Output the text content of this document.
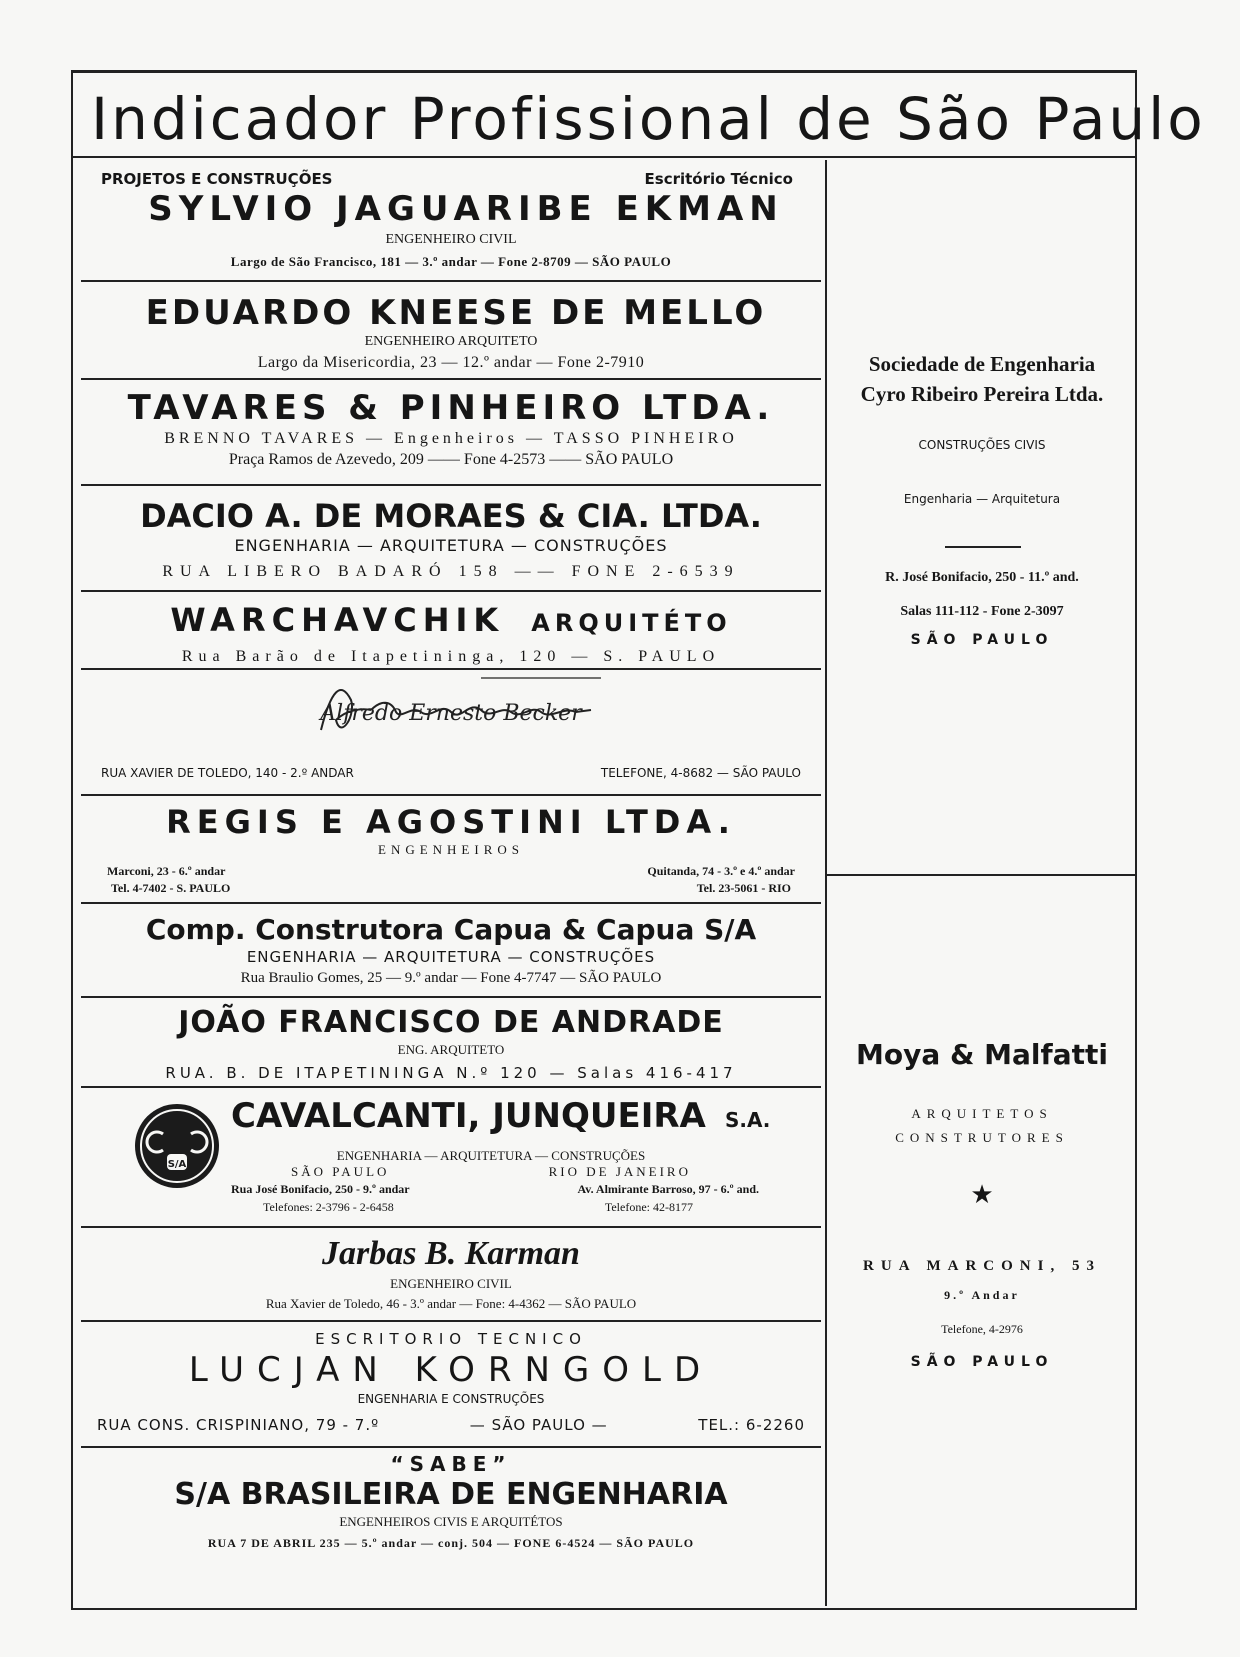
Indicador Profissional de São Paulo
PROJETOS E CONSTRUÇÕES	Escritório Técnico
SYLVIO JAGUARIBE EKMAN
ENGENHEIRO CIVIL
Largo de São Francisco, 181 — 3.º andar — Fone 2-8709 — SÃO PAULO
EDUARDO KNEESE DE MELLO
ENGENHEIRO ARQUITETO
Largo da Misericordia, 23 — 12.º andar — Fone 2-7910
TAVARES & PINHEIRO LTDA.
BRENNO TAVARES — Engenheiros — TASSO PINHEIRO
Praça Ramos de Azevedo, 209 —— Fone 4-2573 —— SÃO PAULO
DACIO A. DE MORAES & CIA. LTDA.
ENGENHARIA — ARQUITETURA — CONSTRUÇÕES
RUA LIBERO BADARÓ 158 —— FONE 2-6539
WARCHAVCHIK ARQUITÉTO
Rua Barão de Itapetininga, 120 — S. PAULO
Alfredo Ernesto Becker
RUA XAVIER DE TOLEDO, 140 - 2.º ANDAR	TELEFONE, 4-8682 — SÃO PAULO
REGIS E AGOSTINI LTDA.
ENGENHEIROS
Marconi, 23 - 6.º andar	Quitanda, 74 - 3.º e 4.º andar
Tel. 4-7402 - S. PAULO	Tel. 23-5061 - RIO
Comp. Construtora Capua & Capua S/A
ENGENHARIA — ARQUITETURA — CONSTRUÇÕES
Rua Braulio Gomes, 25 — 9.º andar — Fone 4-7747 — SÃO PAULO
JOÃO FRANCISCO DE ANDRADE
ENG. ARQUITETO
RUA. B. DE ITAPETININGA N.º 120 — Salas 416-417
S/A
CAVALCANTI, JUNQUEIRA S.A.
ENGENHARIA — ARQUITETURA — CONSTRUÇÕES
SÃO PAULO	RIO DE JANEIRO
Rua José Bonifacio, 250 - 9.º andar	Av. Almirante Barroso, 97 - 6.º and.
Telefones: 2-3796 - 2-6458	Telefone: 42-8177
Jarbas B. Karman
ENGENHEIRO CIVIL
Rua Xavier de Toledo, 46 - 3.º andar — Fone: 4-4362 — SÃO PAULO
ESCRITORIO TECNICO
LUCJAN KORNGOLD
ENGENHARIA E CONSTRUÇÕES
RUA CONS. CRISPINIANO, 79 - 7.º	— SÃO PAULO —	TEL.: 6-2260
“SABE”
S/A BRASILEIRA DE ENGENHARIA
ENGENHEIROS CIVIS E ARQUITÉTOS
RUA 7 DE ABRIL 235 — 5.º andar — conj. 504 — FONE 6-4524 — SÃO PAULO
Sociedade de Engenharia
Cyro Ribeiro Pereira Ltda.
CONSTRUÇÕES CIVIS
Engenharia — Arquitetura
R. José Bonifacio, 250 - 11.º and.
Salas 111-112 - Fone 2-3097
SÃO PAULO
Moya & Malfatti
ARQUITETOS
CONSTRUTORES
★
RUA MARCONI, 53
9.º Andar
Telefone, 4-2976
SÃO PAULO
